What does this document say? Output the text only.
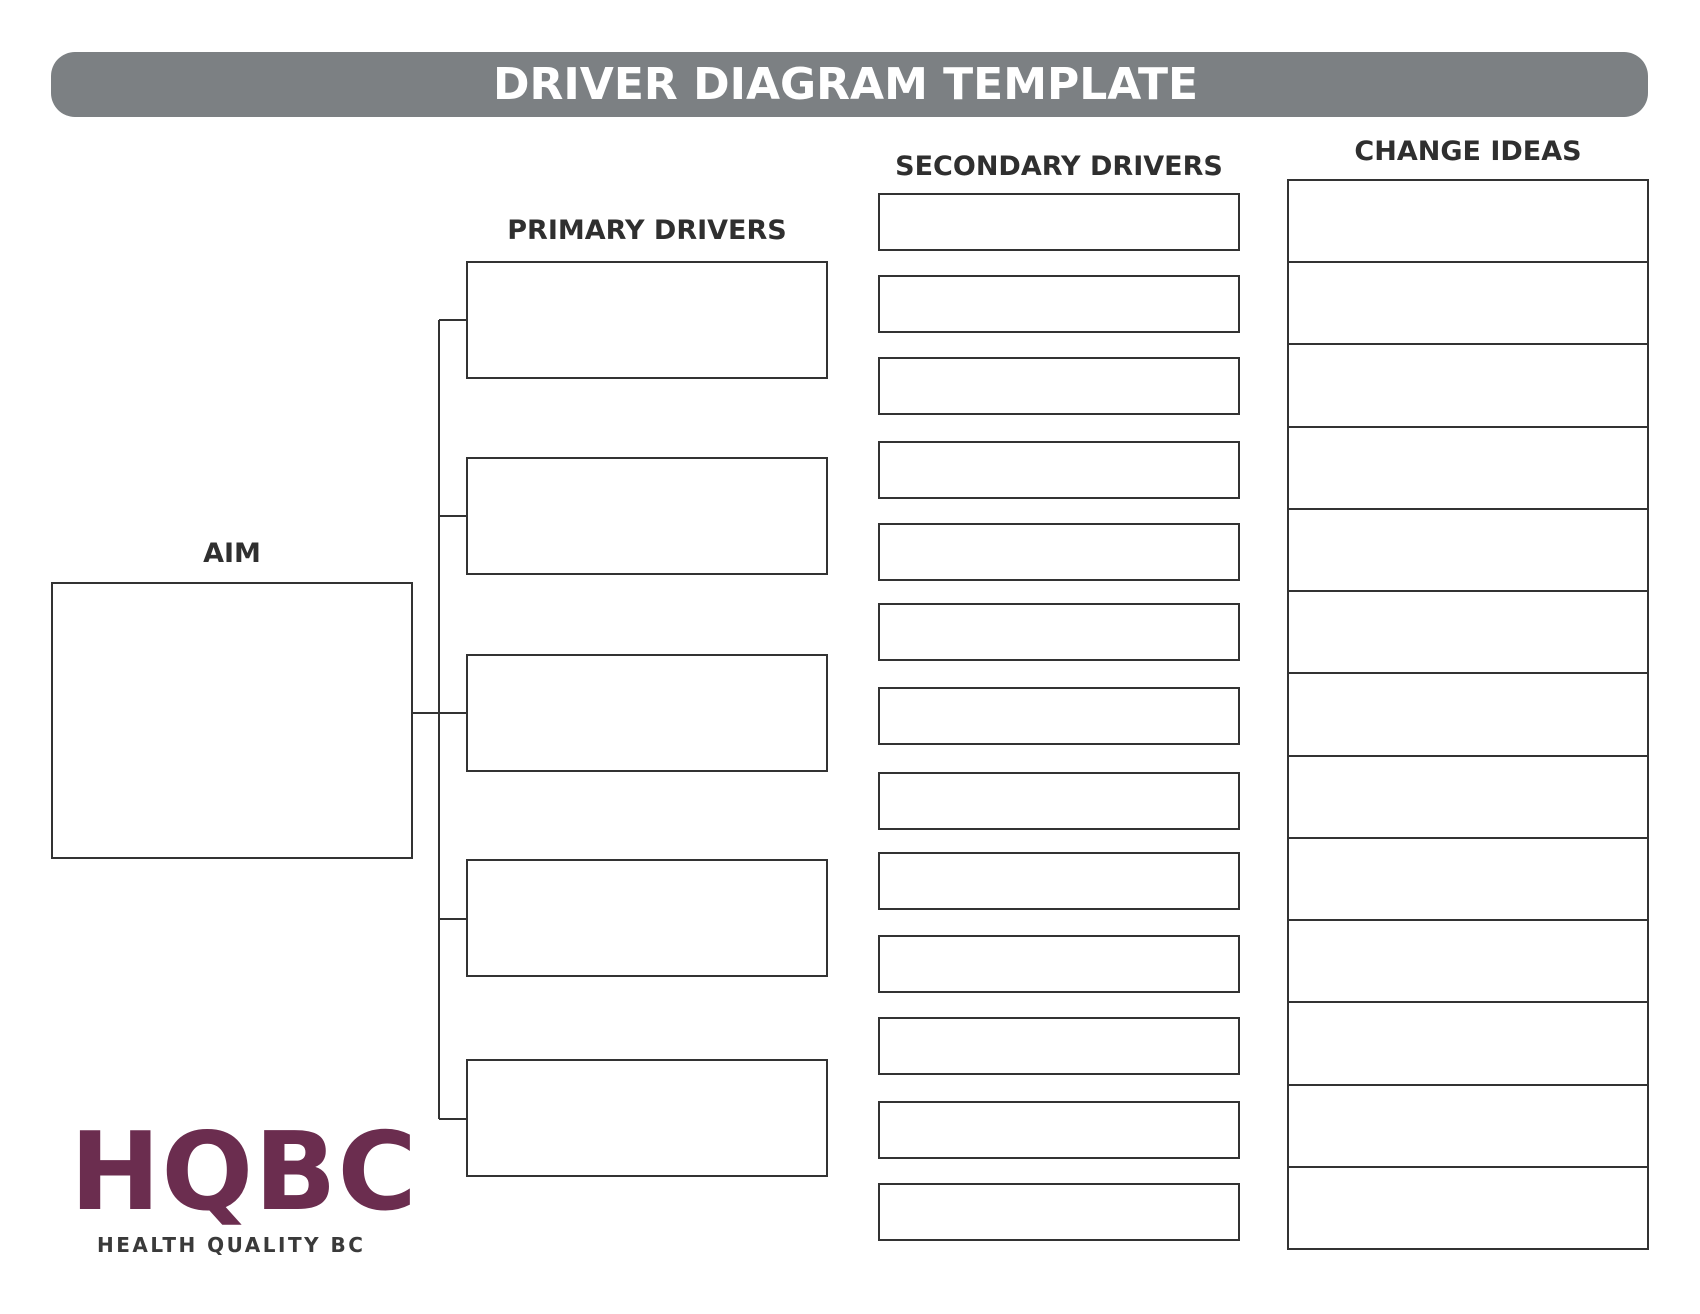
DRIVER DIAGRAM TEMPLATE
AIM
PRIMARY DRIVERS
SECONDARY DRIVERS	CHANGE IDEAS
HQBC
HEALTH QUALITY BC
